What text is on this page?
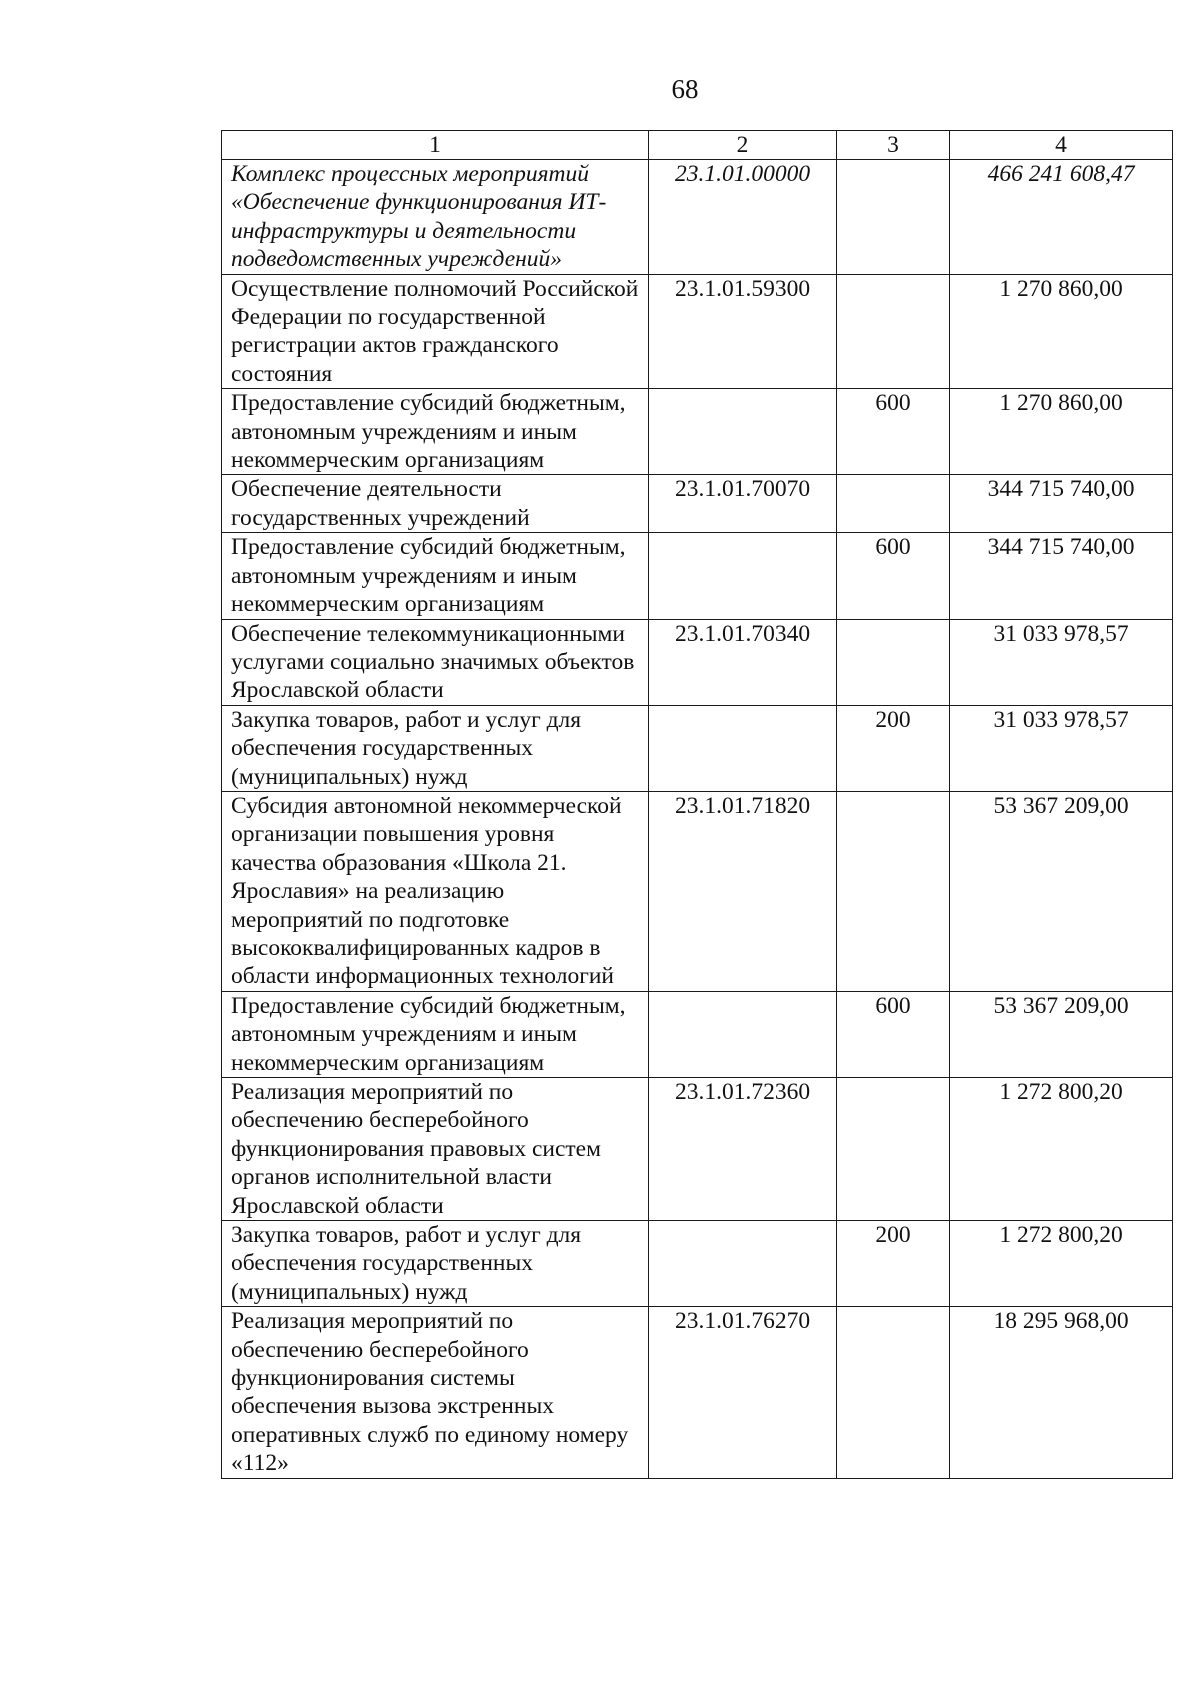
68
1	2	3	4
Комплекс процессных мероприятий «Обеспечение функционирования ИТ-инфраструктуры и деятельности подведомственных учреждений»	23.1.01.00000		466 241 608,47
Осуществление полномочий Российской Федерации по государственной регистрации актов гражданского состояния	23.1.01.59300		1 270 860,00
Предоставление субсидий бюджетным, автономным учреждениям и иным некоммерческим организациям		600	1 270 860,00
Обеспечение деятельности государственных учреждений	23.1.01.70070		344 715 740,00
Предоставление субсидий бюджетным, автономным учреждениям и иным некоммерческим организациям		600	344 715 740,00
Обеспечение телекоммуникационными услугами социально значимых объектов Ярославской области	23.1.01.70340		31 033 978,57
Закупка товаров, работ и услуг для обеспечения государственных (муниципальных) нужд		200	31 033 978,57
Субсидия автономной некоммерческой организации повышения уровня качества образования «Школа 21. Ярославия» на реализацию мероприятий по подготовке высококвалифицированных кадров в области информационных технологий	23.1.01.71820		53 367 209,00
Предоставление субсидий бюджетным, автономным учреждениям и иным некоммерческим организациям		600	53 367 209,00
Реализация мероприятий по обеспечению бесперебойного функционирования правовых систем органов исполнительной власти Ярославской области	23.1.01.72360		1 272 800,20
Закупка товаров, работ и услуг для обеспечения государственных (муниципальных) нужд		200	1 272 800,20
Реализация мероприятий по обеспечению бесперебойного функционирования системы обеспечения вызова экстренных оперативных служб по единому номеру «112»	23.1.01.76270		18 295 968,00
